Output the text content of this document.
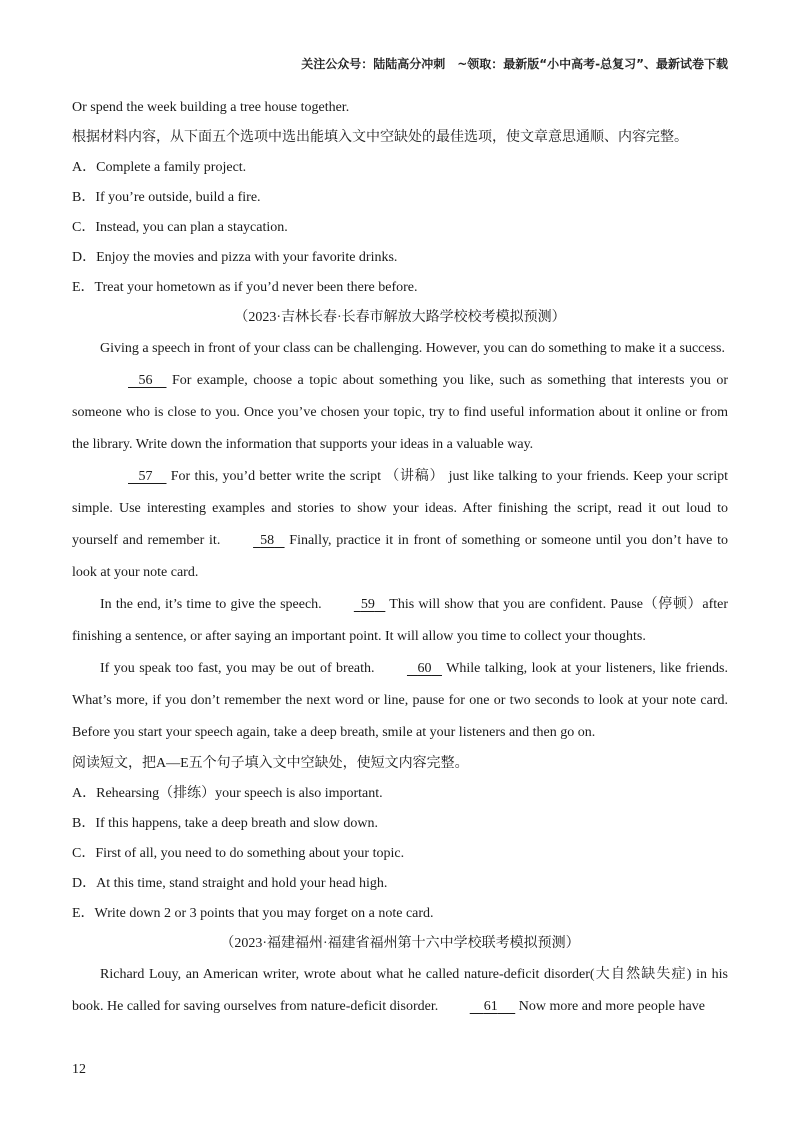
关注公众号：陆陆高分冲刺　~领取：最新版“小中高考-总复习”、最新试卷下载
Or spend the week building a tree house together.
根据材料内容，从下面五个选项中选出能填入文中空缺处的最佳选项，使文章意思通顺、内容完整。
A．Complete a family project.
B．If you’re outside, build a fire.
C．Instead, you can plan a staycation.
D．Enjoy the movies and pizza with your favorite drinks.
E．Treat your hometown as if you’d never been there before.
（2023·吉林长春·长春市解放大路学校校考模拟预测）

Giving a speech in front of your class can be challenging. However, you can do something to make it a success.

56     For example, choose a topic about something you like, such as something that interests you or someone who is close to you. Once you’ve chosen your topic, try to find useful information about it online or from the library. Write down the information that supports your ideas in a valuable way.

57     For this, you’d better write the script （讲稿） just like talking to your friends. Keep your script simple. Use interesting examples and stories to show your ideas. After finishing the script, read it out loud to yourself and remember it.	58    Finally, practice it in front of something or someone until you don’t have to look at your note card.

In the end, it’s time to give the speech.	59    This will show that you are confident. Pause（停顿）after finishing a sentence, or after saying an important point. It will allow you time to collect your thoughts.

If you speak too fast, you may be out of breath.	60    While talking, look at your listeners, like friends. What’s more, if you don’t remember the next word or line, pause for one or two seconds to look at your note card. Before you start your speech again, take a deep breath, smile at your listeners and then go on.

阅读短文，把A—E五个句子填入文中空缺处，使短文内容完整。
A．Rehearsing（排练）your speech is also important.
B．If this happens, take a deep breath and slow down.
C．First of all, you need to do something about your topic.
D．At this time, stand straight and hold your head high.
E．Write down 2 or 3 points that you may forget on a note card.
（2023·福建福州·福建省福州第十六中学校联考模拟预测）

Richard Louy, an American writer, wrote about what he called nature-deficit disorder(大自然缺失症) in his book. He called for saving ourselves from nature-deficit disorder.	61      Now more and more people have

12
